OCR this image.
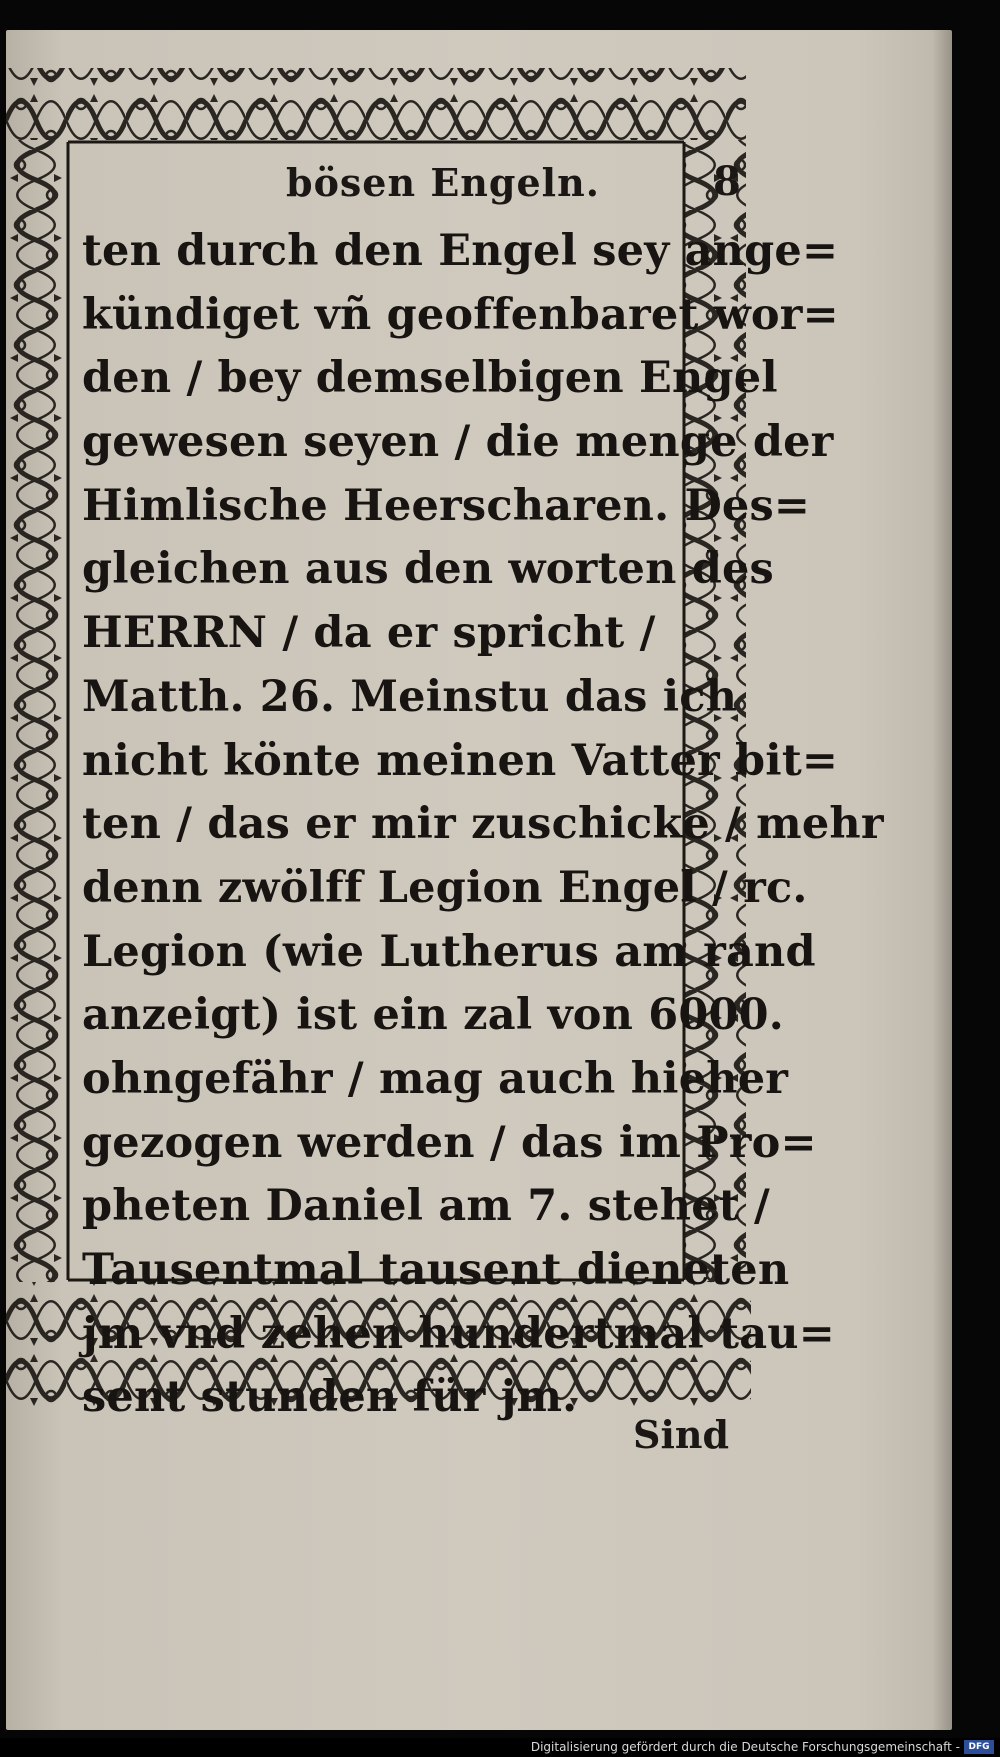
bösen Engeln.	8
ten durch den Engel sey ange=
kündiget vñ geoffenbaret wor=
den / bey demselbigen Engel
gewesen seyen / die menge der
Himlische Heerscharen. Des=
gleichen aus den worten des
HERRN / da er spricht /
Matth. 26. Meinstu das ich
nicht könte meinen Vatter bit=
ten / das er mir zuschicke / mehr
denn zwölff Legion Engel / rc.
Legion (wie Lutherus am rand
anzeigt) ist ein zal von 6000.
ohngefähr / mag auch hieher
gezogen werden / das im Pro=
pheten Daniel am 7. stehet /
Tausentmal tausent dieneten
jm vnd zehen hundertmal tau=
sent stunden für jm.
Sind
Digitalisierung gefördert durch die Deutsche Forschungsgemeinschaft - DFG
